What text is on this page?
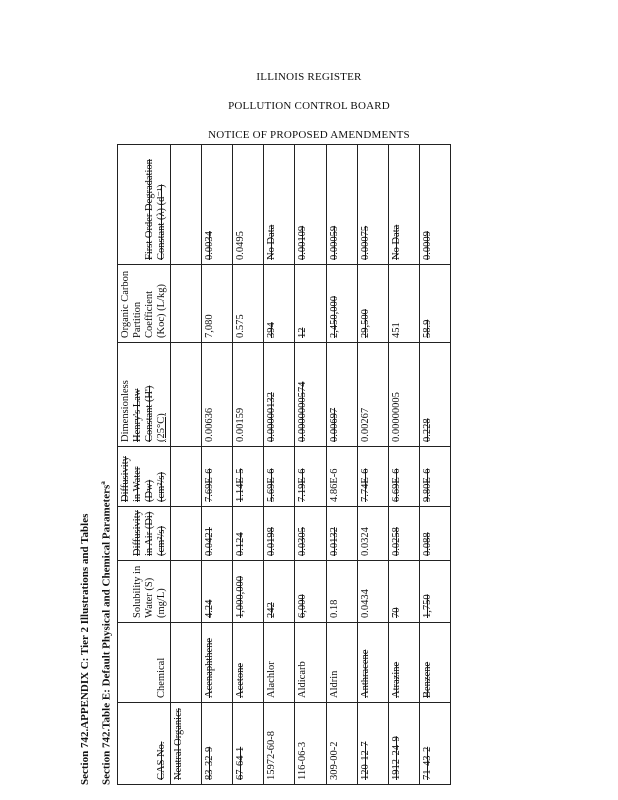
ILLINOIS REGISTER
POLLUTION CONTROL BOARD
NOTICE OF PROPOSED AMENDMENTS
Section 742.APPENDIX C: Tier 2 Illustrations and Tables Section 742.Table E: Default Physical and Chemical Parameters$^a$
CAS No.	Chemical	Solubility in Water (S) (mg/L)	Diffusivity in Air (Di) (cm²/s)	Diffusivity in Water (Dw) (cm²/s)	Dimensionless Henry's Law Constant (H') (25°C)	Organic Carbon Partition Coefficient (Koc) (L/kg)	First Order Degradation Constant (λ) (d⁻¹)
Neutral Organics							
83-32-9	Acenaphthene	4.24	0.0421	7.69E-6	0.00636	7,080	0.0034
67-64-1	Acetone	1,000,000	0.124	1.14E-5	0.00159	0.575	0.0495
15972-60-8	Alachlor	242	0.0198	5.69E-6	0.00000132	394	No Data
116-06-3	Aldicarb	6,000	0.0305	7.19E-6	0.0000000574	12	0.00109
309-00-2	Aldrin	0.18	0.0132	4.86E-6	0.00697	2,450,000	0.00059
120-12-7	Anthracene	0.0434	0.0324	7.74E-6	0.00267	29,500	0.00075
1912-24-9	Atrazine	70	0.0258	6.69E-6	0.00000005	451	No Data
71-43-2	Benzene	1,750	0.088	9.80E-6	0.228	58.9	0.0009
